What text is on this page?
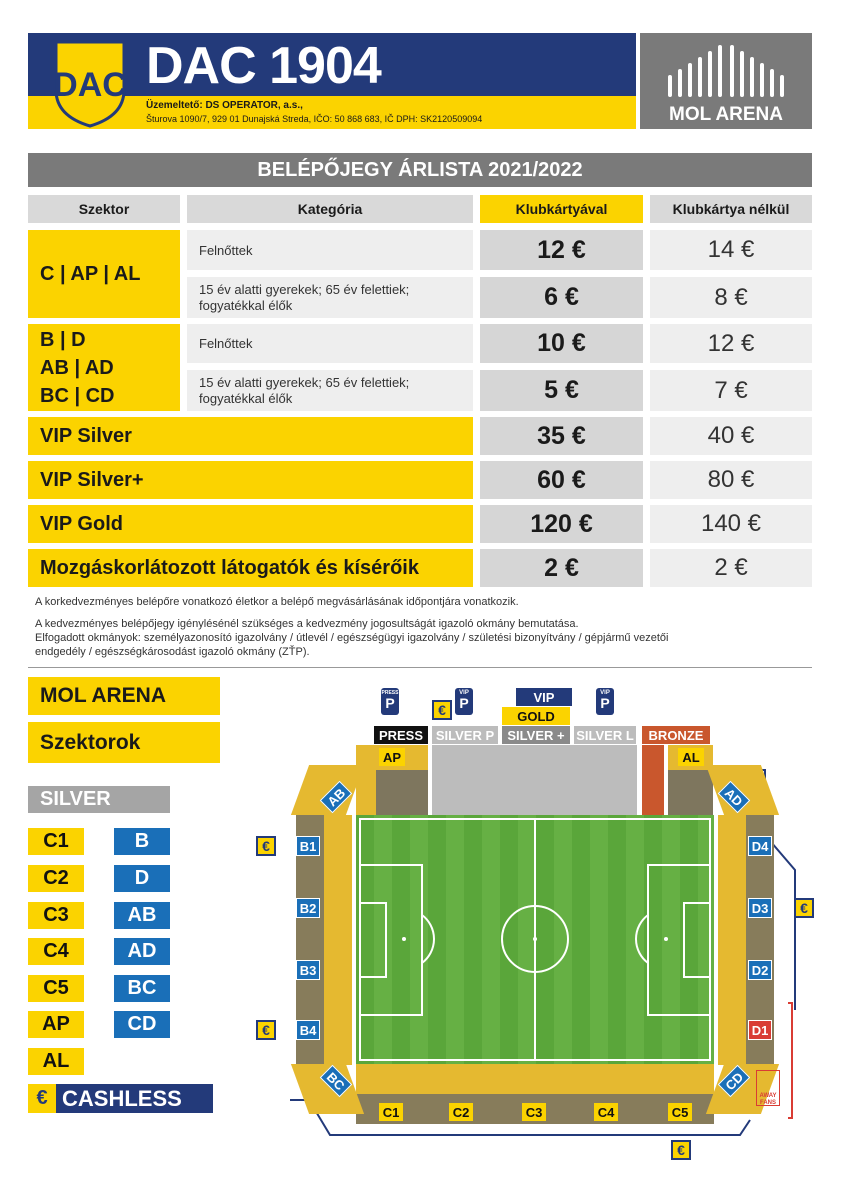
DAC DAC 1904
Üzemeltető: DS OPERATOR, a.s.,
Šturova 1090/7, 929 01 Dunajská Streda, IČO: 50 868 683, IČ DPH: SK2120509094	MOL ARENA
BELÉPŐJEGY ÁRLISTA 2021/2022
Szektor	Kategória	Klubkártyával	Klubkártya nélkül
C | AP | AL
Felnőttek	12 €	14 €
15 év alatti gyerekek; 65 év felettiek; fogyatékkal élők	6 €	8 €
B | D
AB | AD
BC | CD
Felnőttek	10 €	12 €
15 év alatti gyerekek; 65 év felettiek; fogyatékkal élők	5 €	7 €
VIP Silver	35 €	40 €
VIP Silver+	60 €	80 €
VIP Gold	120 €	140 €
Mozgáskorlátozott látogatók és kísérőik	2 €	2 €
A korkedvezményes belépőre vonatkozó életkor a belépő megvásárlásának időpontjára vonatkozik.
A kedvezményes belépőjegy igénylésénél szükséges a kedvezmény jogosultságát igazoló okmány bemutatása.
Elfogadott okmányok: személyazonosító igazolvány / útlevél / egészségügyi igazolvány / születési bizonyítvány / gépjármű vezetői
endgedély / egészségkárosodást igazoló okmány (ZŤP).
MOL ARENA
Szektorok
SILVER
C1
C2
C3
C4
C5
AP
AL
B
D
AB
AD
BC
CD
€ CASHLESS
PRESS SILVER P	SILVER + SILVER L	BRONZE
VIP
GOLD
PRESS
P
VIP
P
VIP
P
€
€
€
€
€
AP	AL
AB	AD
BC	CD
B1
B2
B3
B4
D4
D3
D2
D1
C1	C2	C3	C4	C5
AWAY FANS
